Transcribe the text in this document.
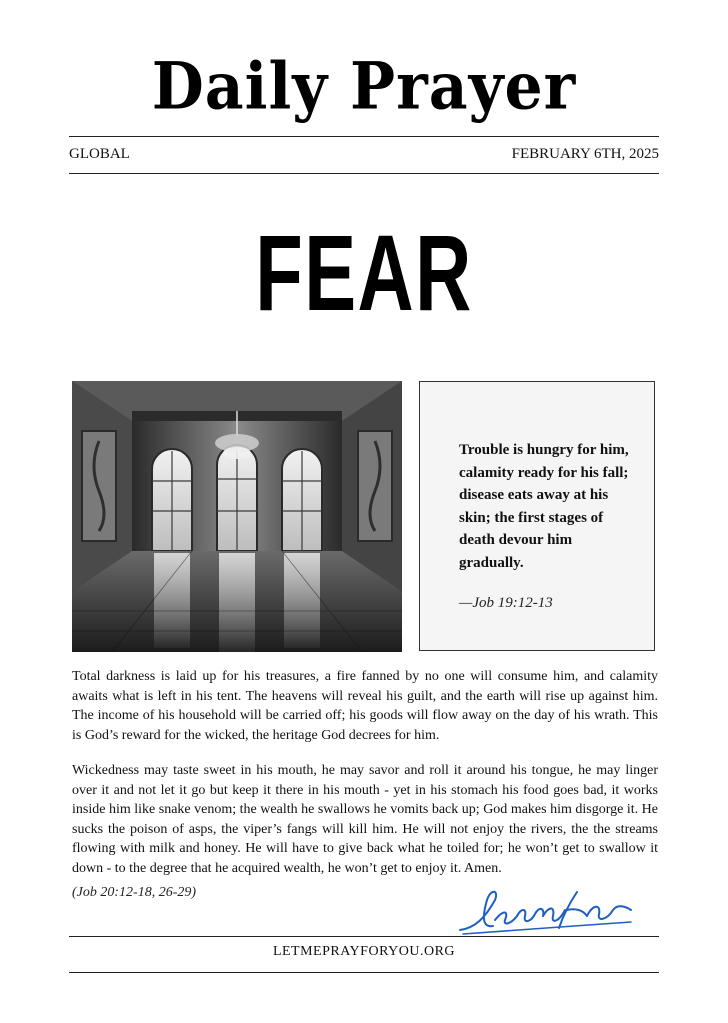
Daily Prayer
GLOBAL	FEBRUARY 6TH, 2025
FEAR
Trouble is hungry for him, calamity ready for his fall; disease eats away at his skin; the first stages of death devour him gradually.
—Job 19:12-13

Total darkness is laid up for his treasures, a fire fanned by no one will consume him, and calamity awaits what is left in his tent. The heavens will reveal his guilt, and the earth will rise up against him. The income of his household will be carried off; his goods will flow away on the day of his wrath. This is God’s reward for the wicked, the heritage God decrees for him.

Wickedness may taste sweet in his mouth, he may savor and roll it around his tongue, he may linger over it and not let it go but keep it there in his mouth - yet in his stomach his food goes bad, it works inside him like snake venom; the wealth he swallows he vomits back up; God makes him disgorge it. He sucks the poison of asps, the viper’s fangs will kill him. He will not enjoy the rivers, the the streams flowing with milk and honey. He will have to give back what he toiled for; he won’t get to swallow it down - to the degree that he acquired wealth, he won’t get to enjoy it. Amen.

(Job 20:12-18, 26-29)
LETMEPRAYFORYOU.ORG
